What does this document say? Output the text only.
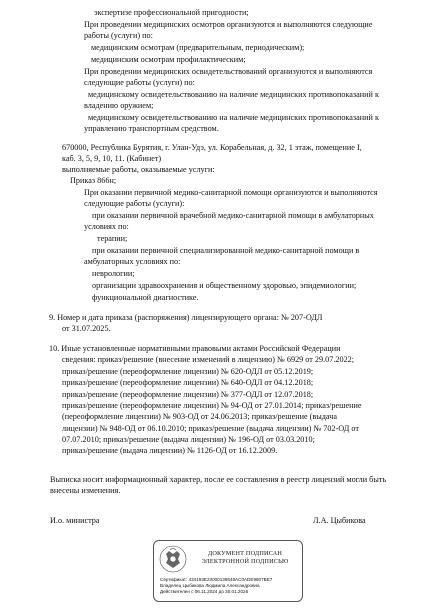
экспертизе профессиональной пригодности;
При проведении медицинских осмотров организуются и выполняются следующие
работы (услуги) по:
медицинским осмотрам (предварительным, периодическим);
медицинским осмотрам профилактическим;
При проведении медицинских освидетельствований организуются и выполняются
следующие работы (услуги) по:
медицинскому освидетельствованию на наличие медицинских противопоказаний к
владению оружием;
медицинскому освидетельствованию на наличие медицинских противопоказаний к
управлению транспортным средством.
670000, Республика Бурятия, г. Улан-Удэ, ул. Корабельная, д. 32, 1 этаж, помещение I,
каб. 3, 5, 9, 10, 11. (Кабинет)
выполняемые работы, оказываемые услуги:
Приказ 866н;
При оказании первичной медико-санитарной помощи организуются и выполняются
следующие работы (услуги):
при оказании первичной врачебной медико-санитарной помощи в амбулаторных
условиях по:
терапии;
при оказании первичной специализированной медико-санитарной помощи в
амбулаторных условиях по:
неврологии;
организации здравоохранения и общественному здоровью, эпидемиологии;
функциональной диагностике.
9. Номер и дата приказа (распоряжения) лицензирующего органа: № 207-ОДЛ
от 31.07.2025.
10. Иные установленные нормативными правовыми актами Российской Федерации
сведения: приказ/решение (внесение изменений в лицензию) № 6929 от 29.07.2022;
приказ/решение (переоформление лицензии) № 620-ОДЛ от 05.12.2019;
приказ/решение (переоформление лицензии) № 640-ОДЛ от 04.12.2018;
приказ/решение (переоформление лицензии) № 377-ОДЛ от 12.07.2018;
приказ/решение (переоформление лицензии) № 94-ОД от 27.01.2014; приказ/решение
(переоформление лицензии) № 903-ОД от 24.06.2013; приказ/решение (выдача
лицензии) № 948-ОД от 06.10.2010; приказ/решение (выдача лицензии) № 702-ОД от
07.07.2010; приказ/решение (выдача лицензии) № 196-ОД от 03.03.2010;
приказ/решение (выдача лицензии) № 1126-ОД от 16.12.2009.
Выписка носит информационный характер, после ее составления в реестр лицензий могли быть
внесены изменения.
И.о. министра	Л.А. Цыбикова
ДОКУМЕНТ ПОДПИСАН
ЭЛЕКТРОННОЙ ПОДПИСЬЮ
Сертификат: 434193E23000139548AC0ADE9807BE7
Владелец Цыбикова Людмила Александровна
Действителен с 06.11.2024 до 30.01.2026
